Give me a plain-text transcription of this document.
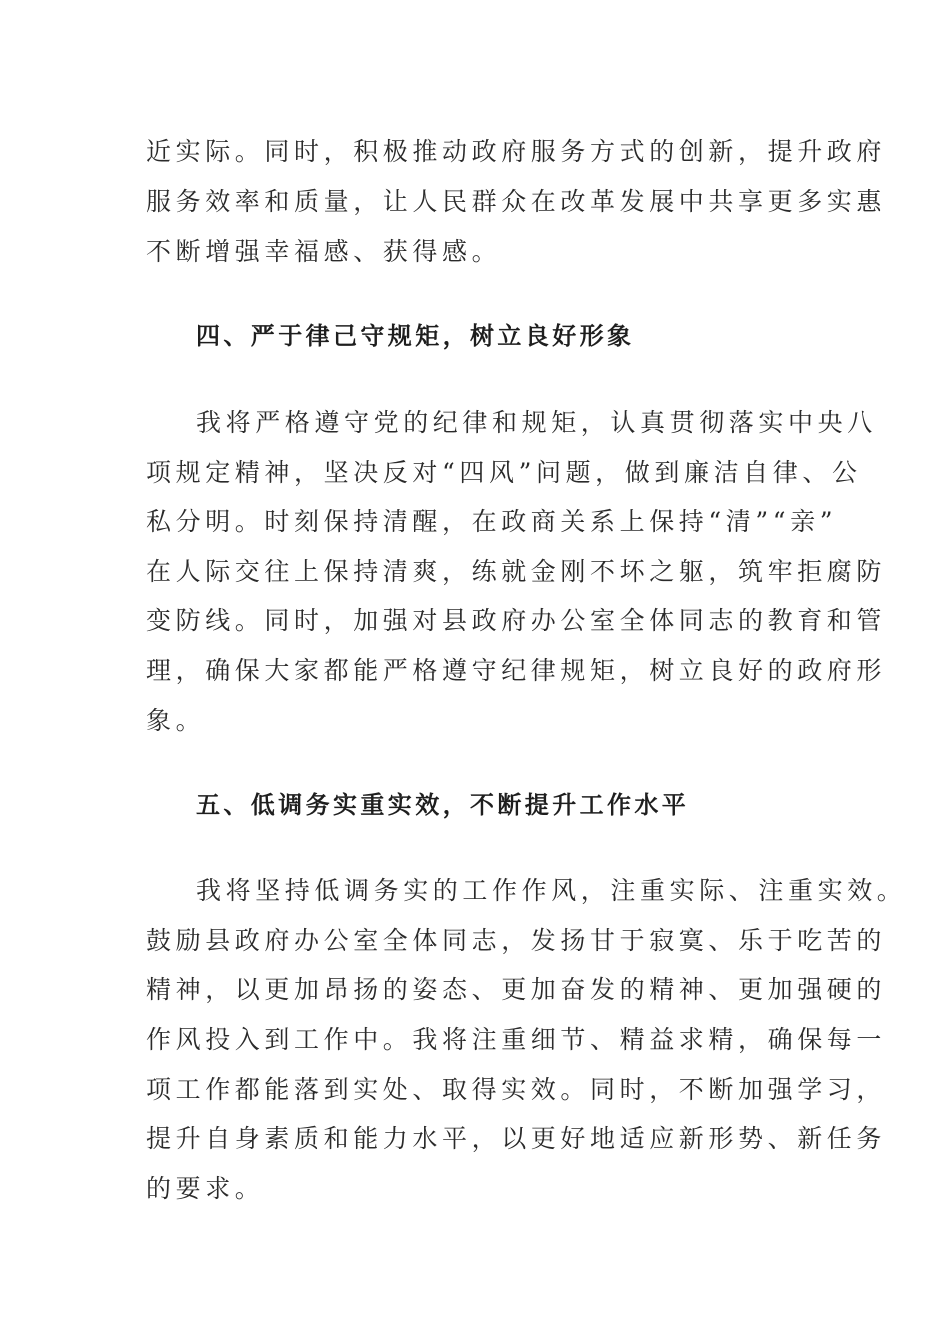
近实际。同时，积极推动政府服务方式的创新，提升政府
服务效率和质量，让人民群众在改革发展中共享更多实惠
不断增强幸福感、获得感。
四、严于律己守规矩，树立良好形象
我将严格遵守党的纪律和规矩，认真贯彻落实中央八
项规定精神，坚决反对“四风”问题，做到廉洁自律、公
私分明。时刻保持清醒，在政商关系上保持“清”“亲”
在人际交往上保持清爽，练就金刚不坏之躯，筑牢拒腐防
变防线。同时，加强对县政府办公室全体同志的教育和管
理，确保大家都能严格遵守纪律规矩，树立良好的政府形
象。
五、低调务实重实效，不断提升工作水平
我将坚持低调务实的工作作风，注重实际、注重实效。
鼓励县政府办公室全体同志，发扬甘于寂寞、乐于吃苦的
精神，以更加昂扬的姿态、更加奋发的精神、更加强硬的
作风投入到工作中。我将注重细节、精益求精，确保每一
项工作都能落到实处、取得实效。同时，不断加强学习，
提升自身素质和能力水平，以更好地适应新形势、新任务
的要求。
